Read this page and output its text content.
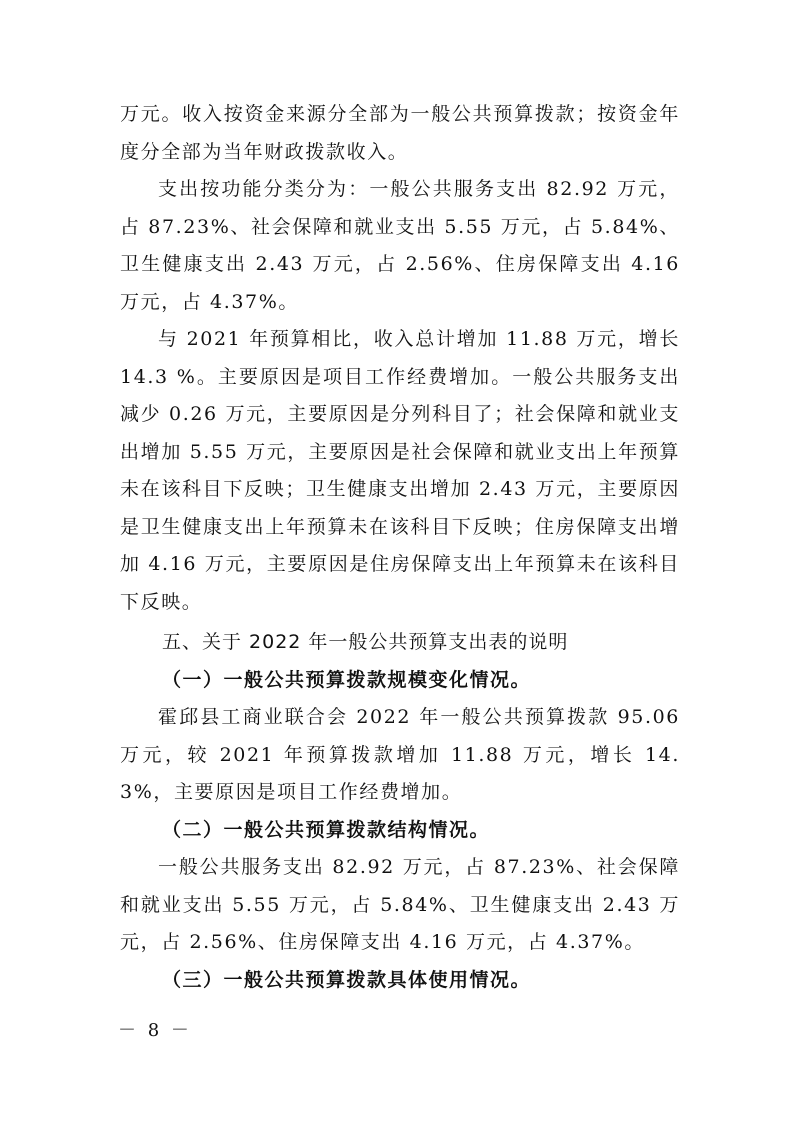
万元。收入按资金来源分全部为一般公共预算拨款；按资金年度分全部为当年财政拨款收入。

支出按功能分类分为：一般公共服务支出 82.92 万元，占 87.23%、社会保障和就业支出 5.55 万元，占 5.84%、卫生健康支出 2.43 万元，占 2.56%、住房保障支出 4.16 万元，占 4.37%。

与 2021 年预算相比，收入总计增加 11.88 万元，增长 14.3 %。主要原因是项目工作经费增加。一般公共服务支出减少 0.26 万元，主要原因是分列科目了；社会保障和就业支出增加 5.55 万元，主要原因是社会保障和就业支出上年预算未在该科目下反映；卫生健康支出增加 2.43 万元，主要原因是卫生健康支出上年预算未在该科目下反映；住房保障支出增加 4.16 万元，主要原因是住房保障支出上年预算未在该科目下反映。

五、关于 2022 年一般公共预算支出表的说明

（一）一般公共预算拨款规模变化情况。

霍邱县工商业联合会 2022 年一般公共预算拨款 95.06 万元，较 2021 年预算拨款增加 11.88 万元，增长 14.3%，主要原因是项目工作经费增加。

（二）一般公共预算拨款结构情况。

一般公共服务支出 82.92 万元，占 87.23%、社会保障和就业支出 5.55 万元，占 5.84%、卫生健康支出 2.43 万元，占 2.56%、住房保障支出 4.16 万元，占 4.37%。

（三）一般公共预算拨款具体使用情况。

－ 8 －
